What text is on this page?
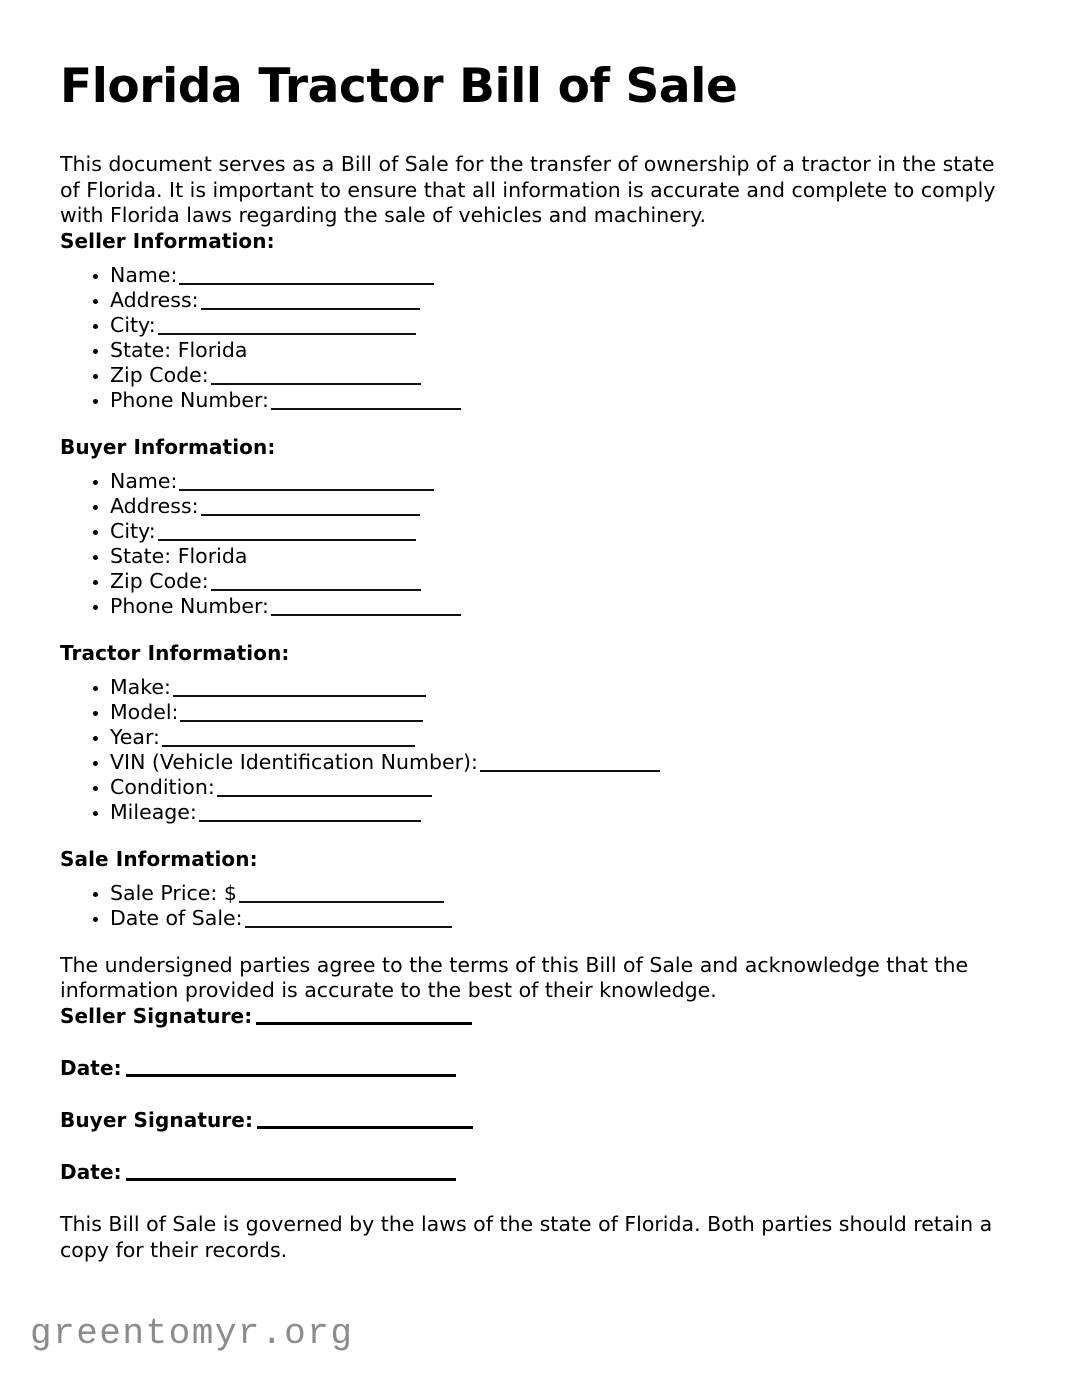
Florida Tractor Bill of Sale

This document serves as a Bill of Sale for the transfer of ownership of a tractor in the state of Florida. It is important to ensure that all information is accurate and complete to comply with Florida laws regarding the sale of vehicles and machinery.

Seller Information:
Name:
Address:
City:
State: Florida
Zip Code:
Phone Number:
Buyer Information:
Name:
Address:
City:
State: Florida
Zip Code:
Phone Number:
Tractor Information:
Make:
Model:
Year:
VIN (Vehicle Identification Number):
Condition:
Mileage:
Sale Information:
Sale Price: $
Date of Sale:

The undersigned parties agree to the terms of this Bill of Sale and acknowledge that the information provided is accurate to the best of their knowledge.

Seller Signature:

Date:

Buyer Signature:

Date:

This Bill of Sale is governed by the laws of the state of Florida. Both parties should retain a copy for their records.

greentomyr.org
